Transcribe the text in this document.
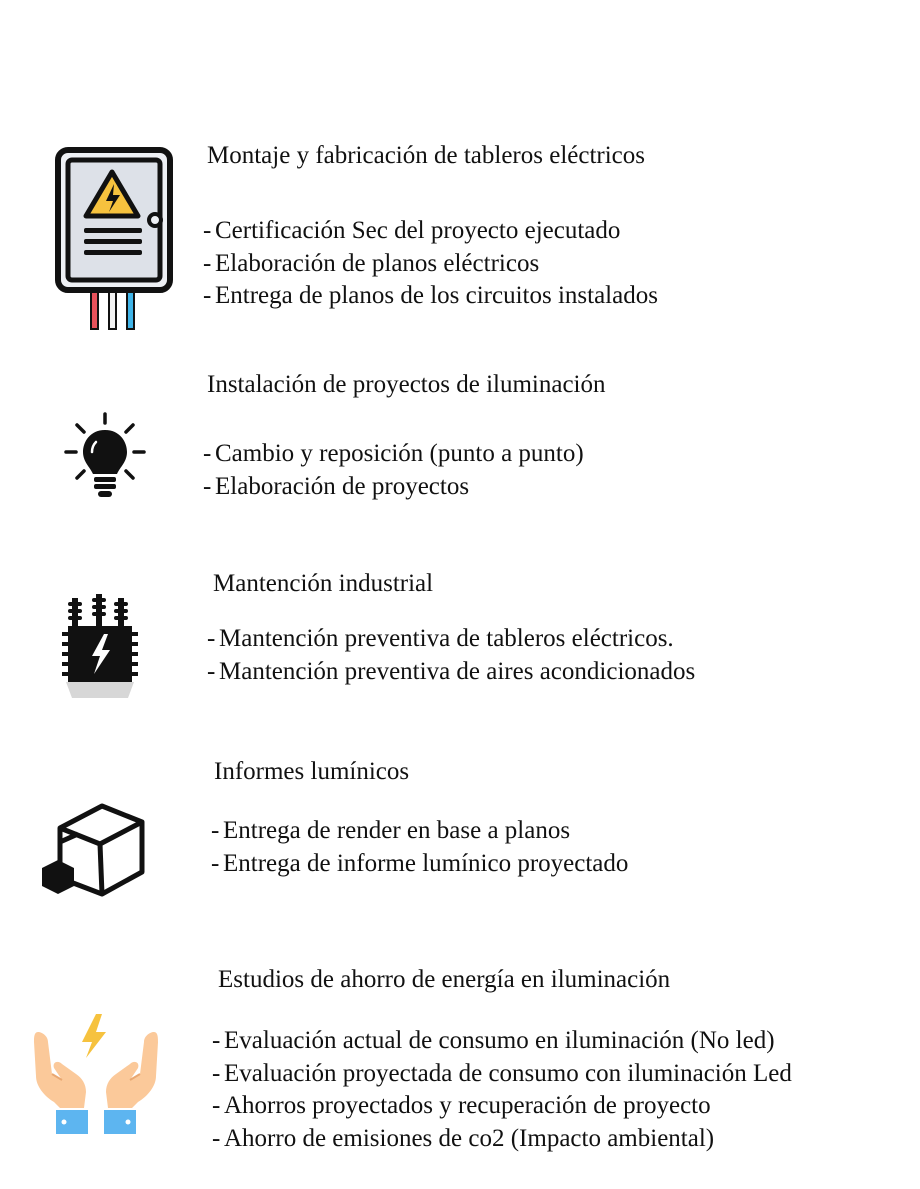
Montaje y fabricación de tableros eléctricos
- Certificación Sec del proyecto ejecutado
- Elaboración de planos eléctricos
- Entrega de planos de los circuitos instalados
Instalación de proyectos de iluminación
- Cambio y reposición (punto a punto)
- Elaboración de proyectos
Mantención industrial
- Mantención preventiva de tableros eléctricos.
- Mantención preventiva de aires acondicionados
Informes lumínicos
- Entrega de render en base a planos
- Entrega de informe lumínico proyectado
Estudios de ahorro de energía en iluminación
- Evaluación actual de consumo en iluminación (No led)
- Evaluación proyectada de consumo con iluminación Led
- Ahorros proyectados y recuperación de proyecto
- Ahorro de emisiones de co2 (Impacto ambiental)
